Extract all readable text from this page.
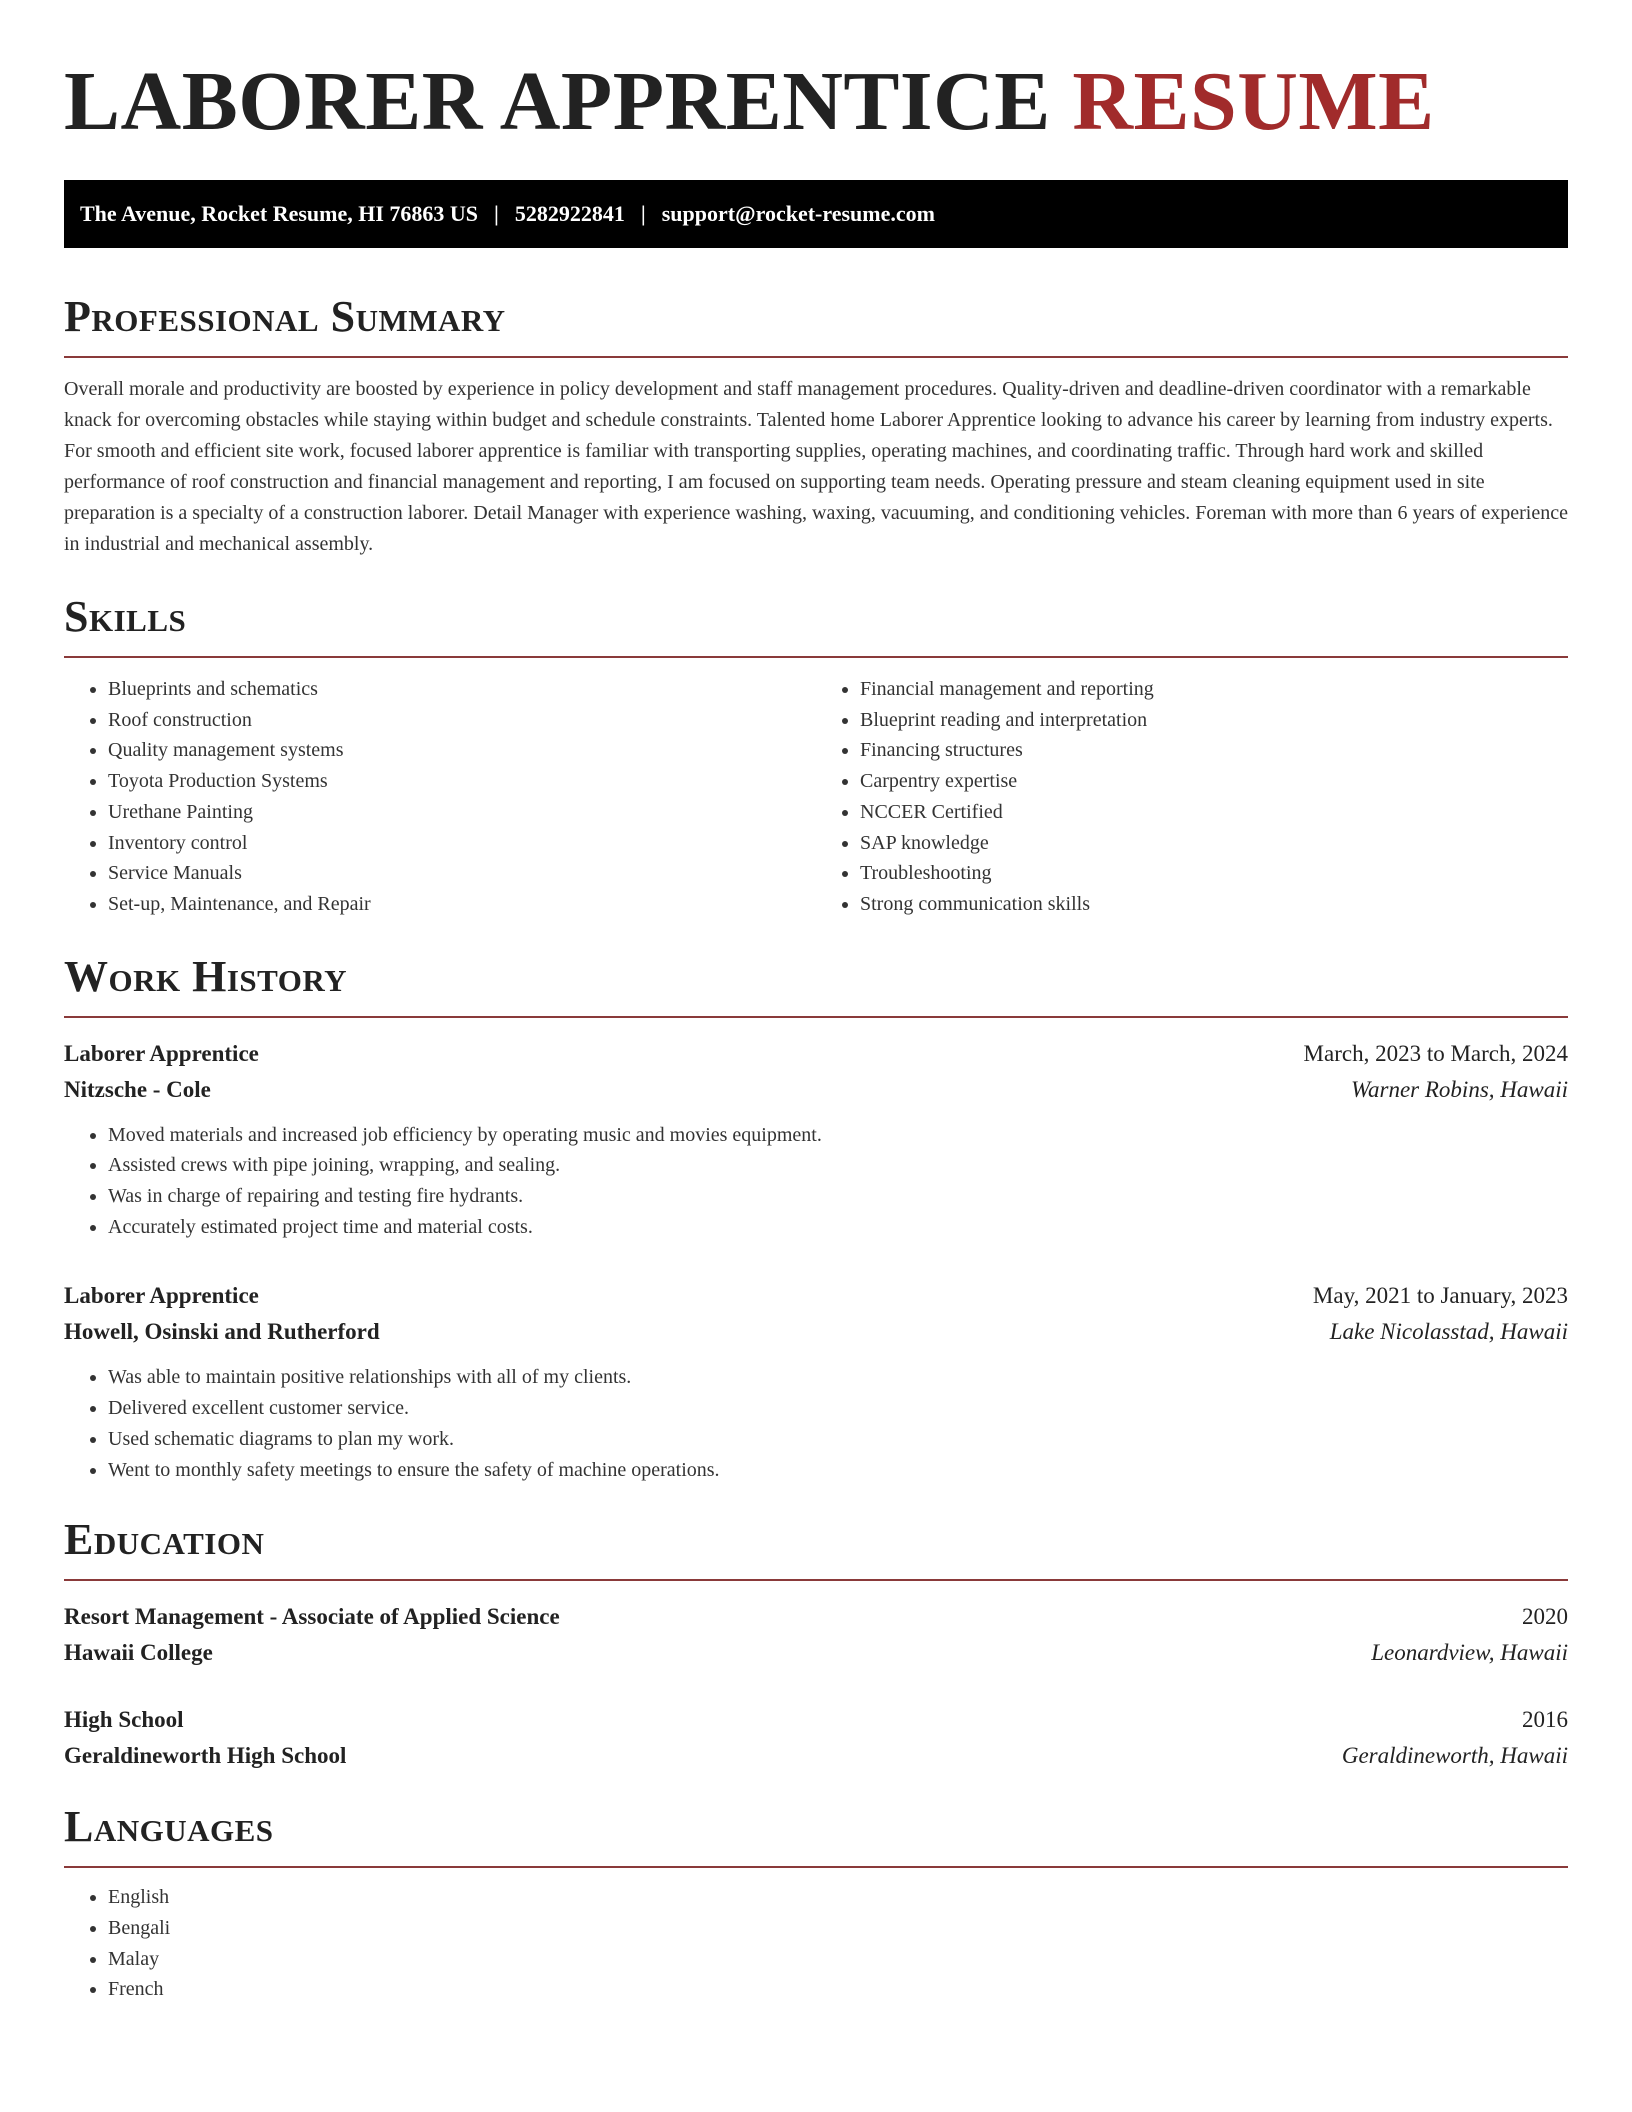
LABORER APPRENTICE RESUME
The Avenue, Rocket Resume, HI 76863 US | 5282922841 | support@rocket-resume.com
Professional Summary

Overall morale and productivity are boosted by experience in policy development and staff management procedures. Quality-driven and deadline-driven coordinator with a remarkable knack for overcoming obstacles while staying within budget and schedule constraints. Talented home Laborer Apprentice looking to advance his career by learning from industry experts. For smooth and efficient site work, focused laborer apprentice is familiar with transporting supplies, operating machines, and coordinating traffic. Through hard work and skilled performance of roof construction and financial management and reporting, I am focused on supporting team needs. Operating pressure and steam cleaning equipment used in site preparation is a specialty of a construction laborer. Detail Manager with experience washing, waxing, vacuuming, and conditioning vehicles. Foreman with more than 6 years of experience in industrial and mechanical assembly.

Skills
• Blueprints and schematics
• Roof construction
• Quality management systems
• Toyota Production Systems
• Urethane Painting
• Inventory control
• Service Manuals
• Set-up, Maintenance, and Repair
• Financial management and reporting
• Blueprint reading and interpretation
• Financing structures
• Carpentry expertise
• NCCER Certified
• SAP knowledge
• Troubleshooting
• Strong communication skills
Work History
Laborer Apprentice	March, 2023 to March, 2024
Nitzsche - Cole	Warner Robins, Hawaii
• Moved materials and increased job efficiency by operating music and movies equipment.
• Assisted crews with pipe joining, wrapping, and sealing.
• Was in charge of repairing and testing fire hydrants.
• Accurately estimated project time and material costs.
Laborer Apprentice	May, 2021 to January, 2023
Howell, Osinski and Rutherford	Lake Nicolasstad, Hawaii
• Was able to maintain positive relationships with all of my clients.
• Delivered excellent customer service.
• Used schematic diagrams to plan my work.
• Went to monthly safety meetings to ensure the safety of machine operations.
Education
Resort Management - Associate of Applied Science	2020
Hawaii College	Leonardview, Hawaii
High School	2016
Geraldineworth High School	Geraldineworth, Hawaii
Languages
• English
• Bengali
• Malay
• French
